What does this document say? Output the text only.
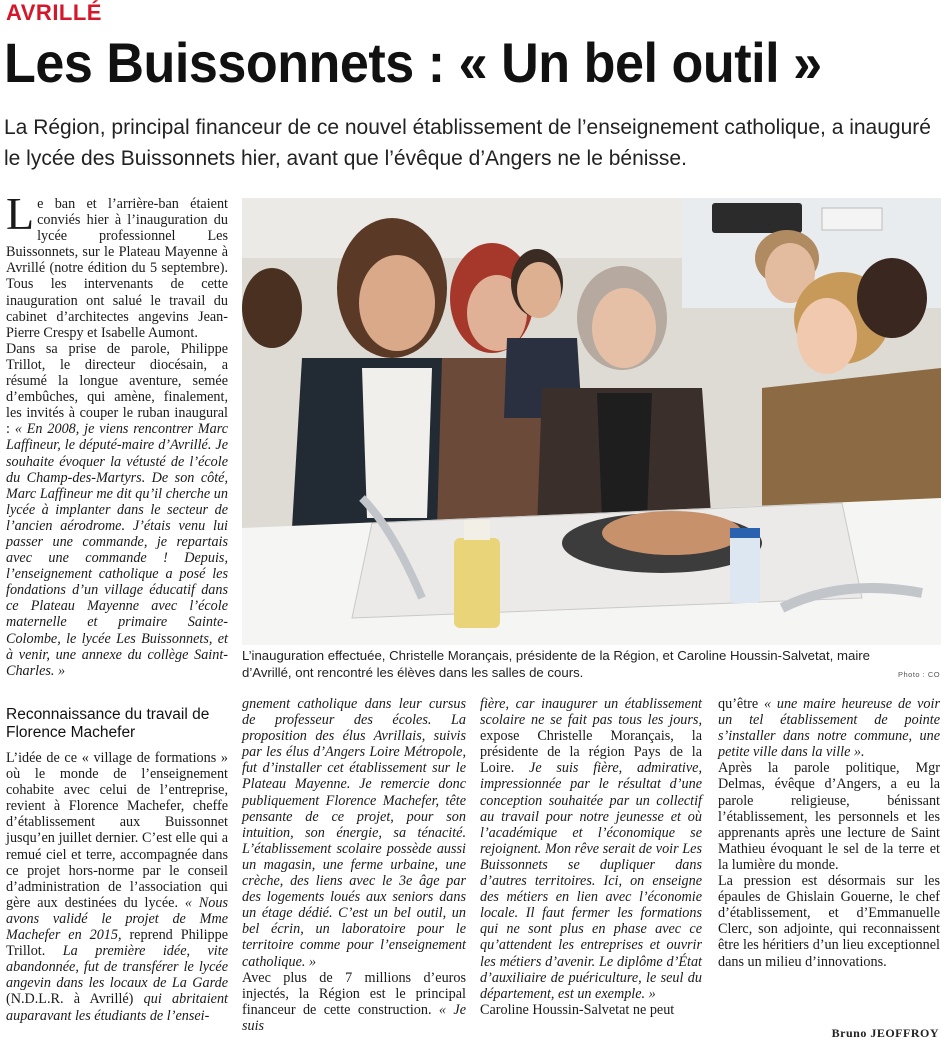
AVRILLÉ
Les Buissonnets : « Un bel outil »
La Région, principal financeur de ce nouvel établissement de l’enseignement catholique, a inauguré le lycée des Buissonnets hier, avant que l’évêque d’Angers ne le bénisse.

Le ban et l’arrière-ban étaient conviés hier à l’inauguration du lycée professionnel Les Buissonnets, sur le Plateau Mayenne à Avrillé (notre édition du 5 septembre). Tous les intervenants de cette inauguration ont salué le travail du cabinet d’architectes angevins Jean-Pierre Crespy et Isabelle Aumont.

Dans sa prise de parole, Philippe Trillot, le directeur diocésain, a résumé la longue aventure, semée d’embûches, qui amène, finalement, les invités à couper le ruban inaugural : « En 2008, je viens rencontrer Marc Laffineur, le député-maire d’Avrillé. Je souhaite évoquer la vétusté de l’école du Champ-des-Martyrs. De son côté, Marc Laffineur me dit qu’il cherche un lycée à implanter dans le secteur de l’ancien aérodrome. J’étais venu lui passer une commande, je repartais avec une commande ! Depuis, l’enseignement catholique a posé les fondations d’un village éducatif dans ce Plateau Mayenne avec l’école maternelle et primaire Sainte-Colombe, le lycée Les Buissonnets, et à venir, une annexe du collège Saint-Charles. »

Reconnaissance du travail de Florence Machefer

L’idée de ce « village de formations » où le monde de l’enseignement cohabite avec celui de l’entreprise, revient à Florence Machefer, cheffe d’établissement aux Buissonnet jusqu’en juillet dernier. C’est elle qui a remué ciel et terre, accompagnée dans ce projet hors-norme par le conseil d’administration de l’association qui gère aux destinées du lycée. « Nous avons validé le projet de Mme Machefer en 2015, reprend Philippe Trillot. La première idée, vite abandonnée, fut de transférer le lycée angevin dans les locaux de La Garde (N.D.L.R. à Avrillé) qui abritaient auparavant les étudiants de l’ensei-

L’inauguration effectuée, Christelle Morançais, présidente de la Région, et Caroline Houssin-Salvetat, maire d’Avrillé, ont rencontré les élèves dans les salles de cours.	Photo : CO

gnement catholique dans leur cursus de professeur des écoles. La proposition des élus Avrillais, suivis par les élus d’Angers Loire Métropole, fut d’installer cet établissement sur le Plateau Mayenne. Je remercie donc publiquement Florence Machefer, tête pensante de ce projet, pour son intuition, son énergie, sa ténacité. L’établissement scolaire possède aussi un magasin, une ferme urbaine, une crèche, des liens avec le 3e âge par des logements loués aux seniors dans un étage dédié. C’est un bel outil, un bel écrin, un laboratoire pour le territoire comme pour l’enseignement catholique. »

Avec plus de 7 millions d’euros injectés, la Région est le principal financeur de cette construction. « Je suis

fière, car inaugurer un établissement scolaire ne se fait pas tous les jours, expose Christelle Morançais, la présidente de la région Pays de la Loire. Je suis fière, admirative, impressionnée par le résultat d’une conception souhaitée par un collectif au travail pour notre jeunesse et où l’académique et l’économique se rejoignent. Mon rêve serait de voir Les Buissonnets se dupliquer dans d’autres territoires. Ici, on enseigne des métiers en lien avec l’économie locale. Il faut fermer les formations qui ne sont plus en phase avec ce qu’attendent les entreprises et ouvrir les métiers d’avenir. Le diplôme d’État d’auxiliaire de puériculture, le seul du département, est un exemple. »

Caroline Houssin-Salvetat ne peut

qu’être « une maire heureuse de voir un tel établissement de pointe s’installer dans notre commune, une petite ville dans la ville ».

Après la parole politique, Mgr Delmas, évêque d’Angers, a eu la parole religieuse, bénissant l’établissement, les personnels et les apprenants après une lecture de Saint Mathieu évoquant le sel de la terre et la lumière du monde.

La pression est désormais sur les épaules de Ghislain Gouerne, le chef d’établissement, et d’Emmanuelle Clerc, son adjointe, qui reconnaissent être les héritiers d’un lieu exceptionnel dans un milieu d’innovations.

Bruno JEOFFROY
